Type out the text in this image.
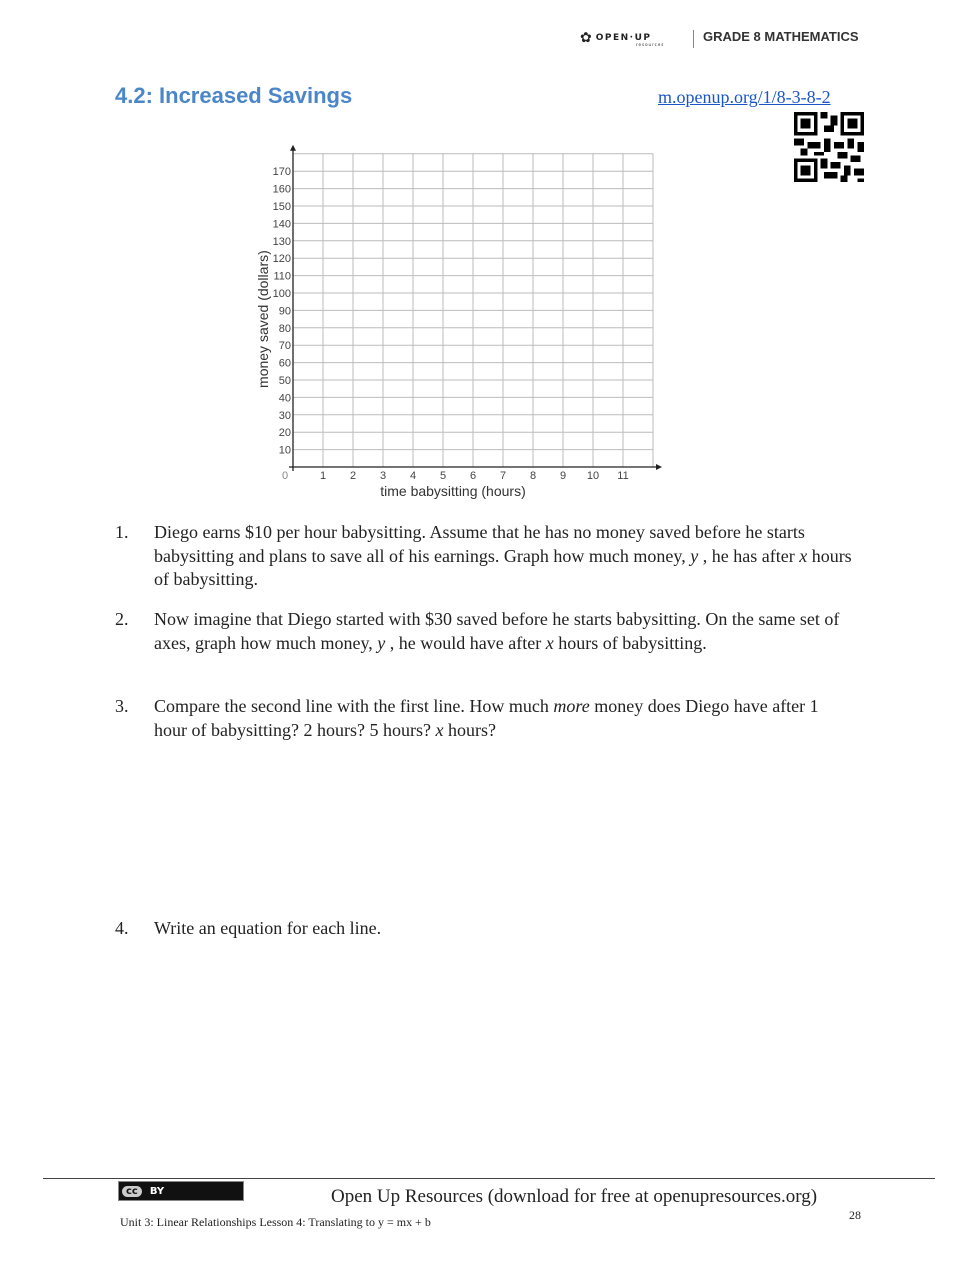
✿ OPEN·UP
resources
GRADE 8 MATHEMATICS
4.2: Increased Savings	m.openup.org/1/8-3-8-2
1 2 3 4 5 6 7 8 9 10 11
10
20
30
40
50
60
70
80
90
100
110
120
130
140
150
160
170
0
time babysitting (hours)
money saved (dollars)
1. Diego earns $10 per hour babysitting. Assume that he has no money saved before he starts babysitting and plans to save all of his earnings. Graph how much money, y , he has after x hours of babysitting.
2. Now imagine that Diego started with $30 saved before he starts babysitting. On the same set of axes, graph how much money, y , he would have after x hours of babysitting.
3. Compare the second line with the first line. How much more money does Diego have after 1 hour of babysitting? 2 hours? 5 hours? x hours?
4. Write an equation for each line.
cc	BY	Open Up Resources (download for free at openupresources.org)
28
Unit 3: Linear Relationships Lesson 4: Translating to y = mx + b
